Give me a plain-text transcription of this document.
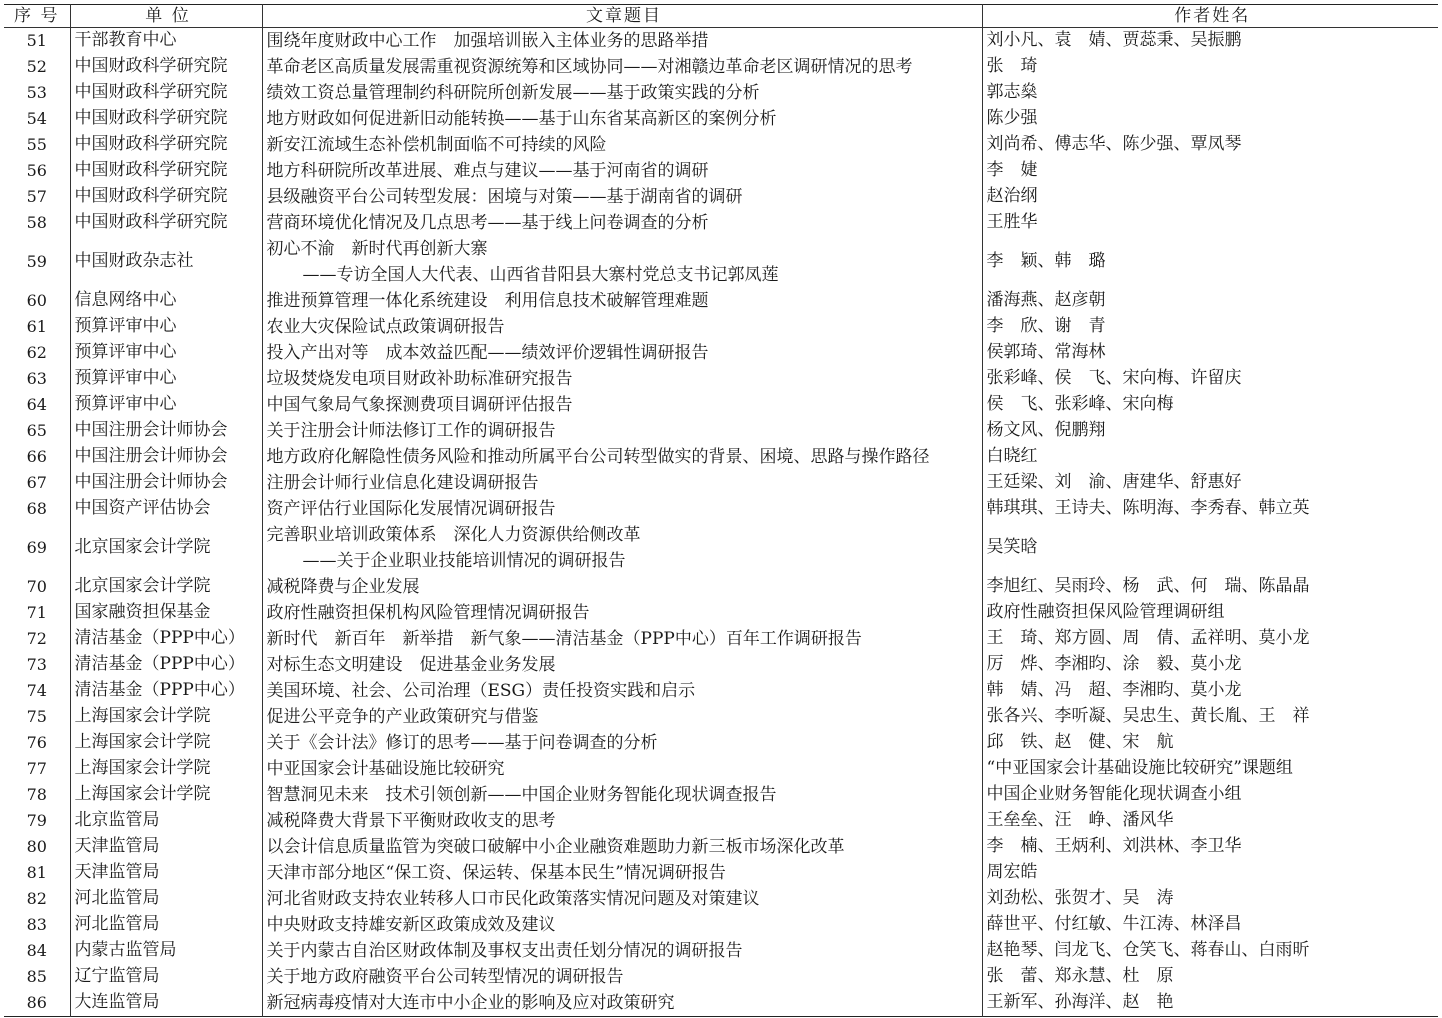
序 号	单 位	文章题目	作者姓名
51	干部教育中心	围绕年度财政中心工作　加强培训嵌入主体业务的思路举措	刘小凡、袁　婧、贾蕊秉、吴振鹏
52	中国财政科学研究院	革命老区高质量发展需重视资源统筹和区域协同——对湘赣边革命老区调研情况的思考	张　琦
53	中国财政科学研究院	绩效工资总量管理制约科研院所创新发展——基于政策实践的分析	郭志燊
54	中国财政科学研究院	地方财政如何促进新旧动能转换——基于山东省某高新区的案例分析	陈少强
55	中国财政科学研究院	新安江流域生态补偿机制面临不可持续的风险	刘尚希、傅志华、陈少强、覃凤琴
56	中国财政科学研究院	地方科研院所改革进展、难点与建议——基于河南省的调研	李　婕
57	中国财政科学研究院	县级融资平台公司转型发展：困境与对策——基于湖南省的调研	赵治纲
58	中国财政科学研究院	营商环境优化情况及几点思考——基于线上问卷调查的分析	王胜华
59	中国财政杂志社	初心不渝　新时代再创新大寨
——专访全国人大代表、山西省昔阳县大寨村党总支书记郭凤莲	李　颖、韩　璐
60	信息网络中心	推进预算管理一体化系统建设　利用信息技术破解管理难题	潘海燕、赵彦朝
61	预算评审中心	农业大灾保险试点政策调研报告	李　欣、谢　青
62	预算评审中心	投入产出对等　成本效益匹配——绩效评价逻辑性调研报告	侯郭琦、常海林
63	预算评审中心	垃圾焚烧发电项目财政补助标准研究报告	张彩峰、侯　飞、宋向梅、许留庆
64	预算评审中心	中国气象局气象探测费项目调研评估报告	侯　飞、张彩峰、宋向梅
65	中国注册会计师协会	关于注册会计师法修订工作的调研报告	杨文风、倪鹏翔
66	中国注册会计师协会	地方政府化解隐性债务风险和推动所属平台公司转型做实的背景、困境、思路与操作路径	白晓红
67	中国注册会计师协会	注册会计师行业信息化建设调研报告	王廷梁、刘　渝、唐建华、舒惠好
68	中国资产评估协会	资产评估行业国际化发展情况调研报告	韩琪琪、王诗夫、陈明海、李秀春、韩立英
69	北京国家会计学院	完善职业培训政策体系　深化人力资源供给侧改革
——关于企业职业技能培训情况的调研报告	吴笑晗
70	北京国家会计学院	减税降费与企业发展	李旭红、吴雨玲、杨　武、何　瑞、陈晶晶
71	国家融资担保基金	政府性融资担保机构风险管理情况调研报告	政府性融资担保风险管理调研组
72	清洁基金（PPP中心）	新时代　新百年　新举措　新气象——清洁基金（PPP中心）百年工作调研报告	王　琦、郑方圆、周　倩、孟祥明、莫小龙
73	清洁基金（PPP中心）	对标生态文明建设　促进基金业务发展	厉　烨、李湘昀、涂　毅、莫小龙
74	清洁基金（PPP中心）	美国环境、社会、公司治理（ESG）责任投资实践和启示	韩　婧、冯　超、李湘昀、莫小龙
75	上海国家会计学院	促进公平竞争的产业政策研究与借鉴	张各兴、李听凝、吴忠生、黄长胤、王　祥
76	上海国家会计学院	关于《会计法》修订的思考——基于问卷调查的分析	邱　铁、赵　健、宋　航
77	上海国家会计学院	中亚国家会计基础设施比较研究	“中亚国家会计基础设施比较研究”课题组
78	上海国家会计学院	智慧洞见未来　技术引领创新——中国企业财务智能化现状调查报告	中国企业财务智能化现状调查小组
79	北京监管局	减税降费大背景下平衡财政收支的思考	王垒垒、汪　峥、潘风华
80	天津监管局	以会计信息质量监管为突破口破解中小企业融资难题助力新三板市场深化改革	李　楠、王炳利、刘洪林、李卫华
81	天津监管局	天津市部分地区“保工资、保运转、保基本民生”情况调研报告	周宏皓
82	河北监管局	河北省财政支持农业转移人口市民化政策落实情况问题及对策建议	刘劲松、张贺才、吴　涛
83	河北监管局	中央财政支持雄安新区政策成效及建议	薛世平、付红敏、牛江涛、林泽昌
84	内蒙古监管局	关于内蒙古自治区财政体制及事权支出责任划分情况的调研报告	赵艳琴、闫龙飞、仓笑飞、蒋春山、白雨昕
85	辽宁监管局	关于地方政府融资平台公司转型情况的调研报告	张　蕾、郑永慧、杜　原
86	大连监管局	新冠病毒疫情对大连市中小企业的影响及应对政策研究	王新军、孙海洋、赵　艳
